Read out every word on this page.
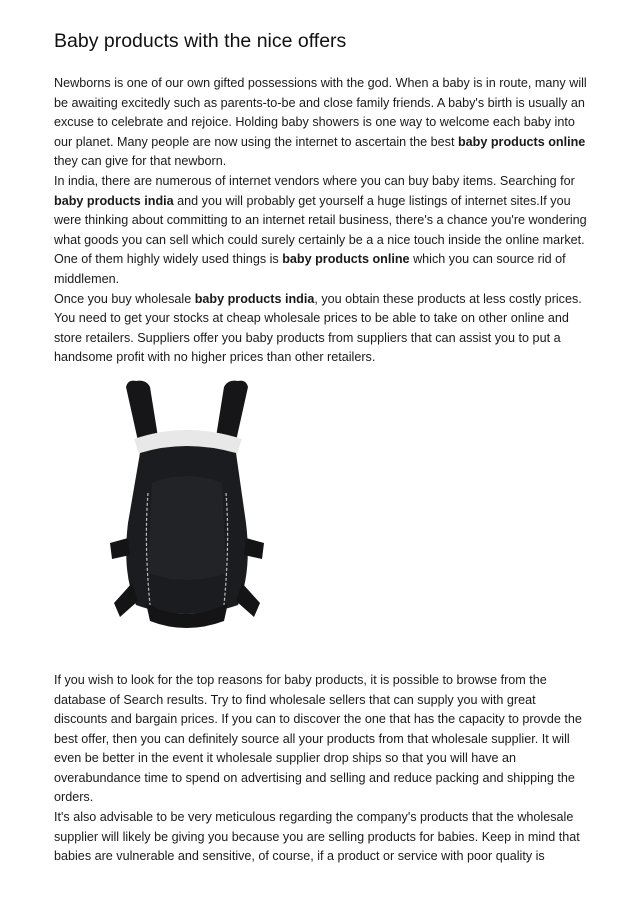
Baby products with the nice offers

Newborns is one of our own gifted possessions with the god. When a baby is in route, many will be awaiting excitedly such as parents-to-be and close family friends. A baby's birth is usually an excuse to celebrate and rejoice. Holding baby showers is one way to welcome each baby into our planet. Many people are now using the internet to ascertain the best baby products online they can give for that newborn.

In india, there are numerous of internet vendors where you can buy baby items. Searching for baby products india and you will probably get yourself a huge listings of internet sites.If you were thinking about committing to an internet retail business, there's a chance you're wondering what goods you can sell which could surely certainly be a a nice touch inside the online market. One of them highly widely used things is baby products online which you can source rid of middlemen.

Once you buy wholesale baby products india, you obtain these products at less costly prices. You need to get your stocks at cheap wholesale prices to be able to take on other online and store retailers. Suppliers offer you baby products from suppliers that can assist you to put a handsome profit with no higher prices than other retailers.

If you wish to look for the top reasons for baby products, it is possible to browse from the database of Search results. Try to find wholesale sellers that can supply you with great discounts and bargain prices. If you can to discover the one that has the capacity to provde the best offer, then you can definitely source all your products from that wholesale supplier. It will even be better in the event it wholesale supplier drop ships so that you will have an overabundance time to spend on advertising and selling and reduce packing and shipping the orders.

It's also advisable to be very meticulous regarding the company's products that the wholesale supplier will likely be giving you because you are selling products for babies. Keep in mind that babies are vulnerable and sensitive, of course, if a product or service with poor quality is
